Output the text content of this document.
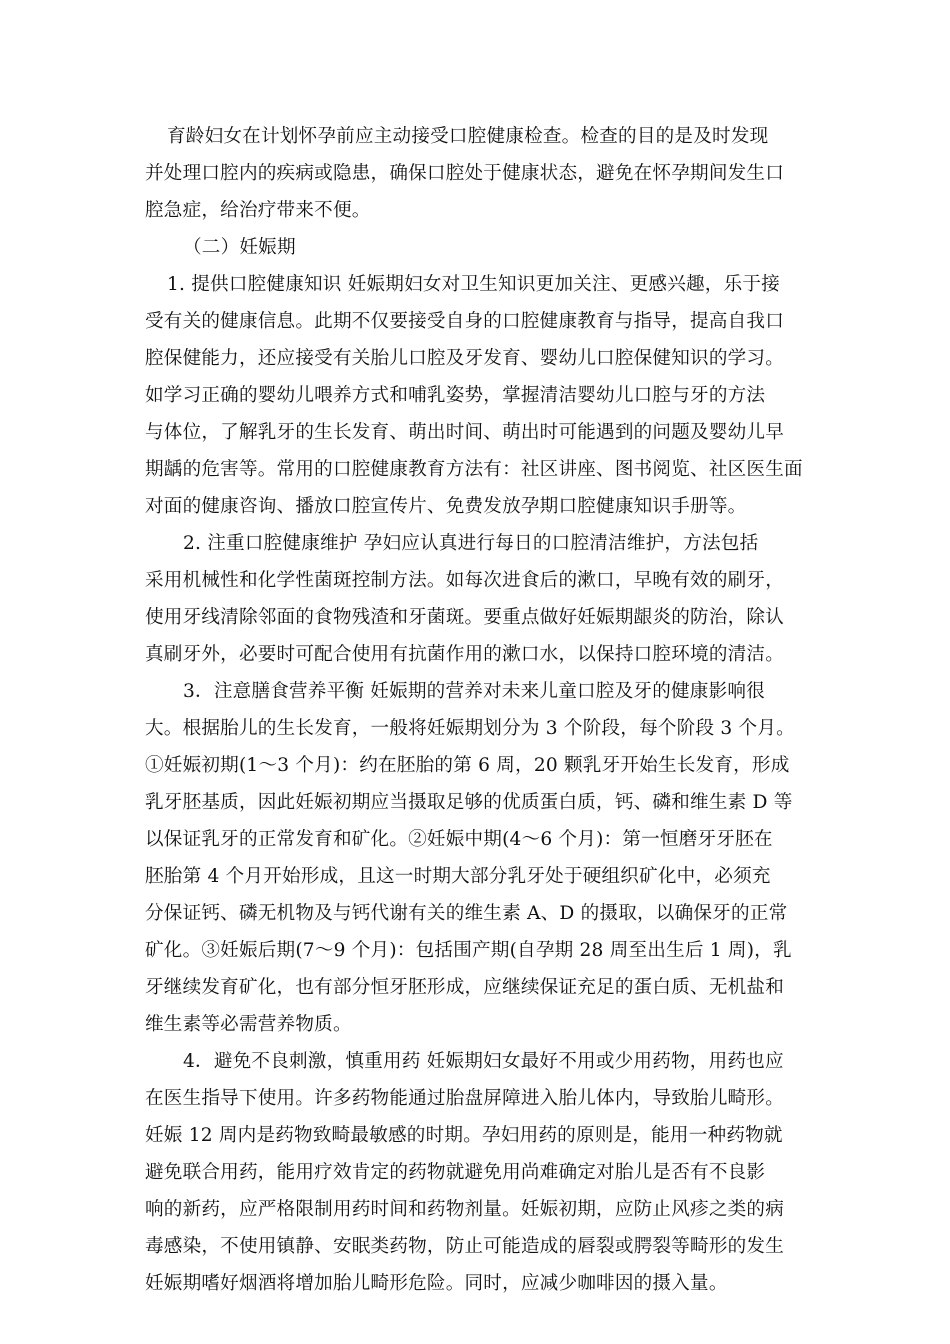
育龄妇女在计划怀孕前应主动接受口腔健康检查。检查的目的是及时发现
并处理口腔内的疾病或隐患，确保口腔处于健康状态，避免在怀孕期间发生口
腔急症，给治疗带来不便。
（二）妊娠期
1. 提供口腔健康知识 妊娠期妇女对卫生知识更加关注、更感兴趣，乐于接
受有关的健康信息。此期不仅要接受自身的口腔健康教育与指导，提高自我口
腔保健能力，还应接受有关胎儿口腔及牙发育、婴幼儿口腔保健知识的学习。
如学习正确的婴幼儿喂养方式和哺乳姿势，掌握清洁婴幼儿口腔与牙的方法
与体位，了解乳牙的生长发育、萌出时间、萌出时可能遇到的问题及婴幼儿早
期龋的危害等。常用的口腔健康教育方法有：社区讲座、图书阅览、社区医生面
对面的健康咨询、播放口腔宣传片、免费发放孕期口腔健康知识手册等。
2. 注重口腔健康维护 孕妇应认真进行每日的口腔清洁维护，方法包括
采用机械性和化学性菌斑控制方法。如每次进食后的漱口，早晚有效的刷牙，
使用牙线清除邻面的食物残渣和牙菌斑。要重点做好妊娠期龈炎的防治，除认
真刷牙外，必要时可配合使用有抗菌作用的漱口水，以保持口腔环境的清洁。
3．注意膳食营养平衡 妊娠期的营养对未来儿童口腔及牙的健康影响很
大。根据胎儿的生长发育，一般将妊娠期划分为 3 个阶段，每个阶段 3 个月。
①妊娠初期(1～3 个月)：约在胚胎的第 6 周，20 颗乳牙开始生长发育，形成
乳牙胚基质，因此妊娠初期应当摄取足够的优质蛋白质，钙、磷和维生素 D 等
以保证乳牙的正常发育和矿化。②妊娠中期(4～6 个月)：第一恒磨牙牙胚在
胚胎第 4 个月开始形成，且这一时期大部分乳牙处于硬组织矿化中，必须充
分保证钙、磷无机物及与钙代谢有关的维生素 A、D 的摄取，以确保牙的正常
矿化。③妊娠后期(7～9 个月)：包括围产期(自孕期 28 周至出生后 1 周)，乳
牙继续发育矿化，也有部分恒牙胚形成，应继续保证充足的蛋白质、无机盐和
维生素等必需营养物质。
4．避免不良刺激，慎重用药 妊娠期妇女最好不用或少用药物，用药也应
在医生指导下使用。许多药物能通过胎盘屏障进入胎儿体内，导致胎儿畸形。
妊娠 12 周内是药物致畸最敏感的时期。孕妇用药的原则是，能用一种药物就
避免联合用药，能用疗效肯定的药物就避免用尚难确定对胎儿是否有不良影
响的新药，应严格限制用药时间和药物剂量。妊娠初期，应防止风疹之类的病
毒感染，不使用镇静、安眠类药物，防止可能造成的唇裂或腭裂等畸形的发生
妊娠期嗜好烟酒将增加胎儿畸形危险。同时，应减少咖啡因的摄入量。
